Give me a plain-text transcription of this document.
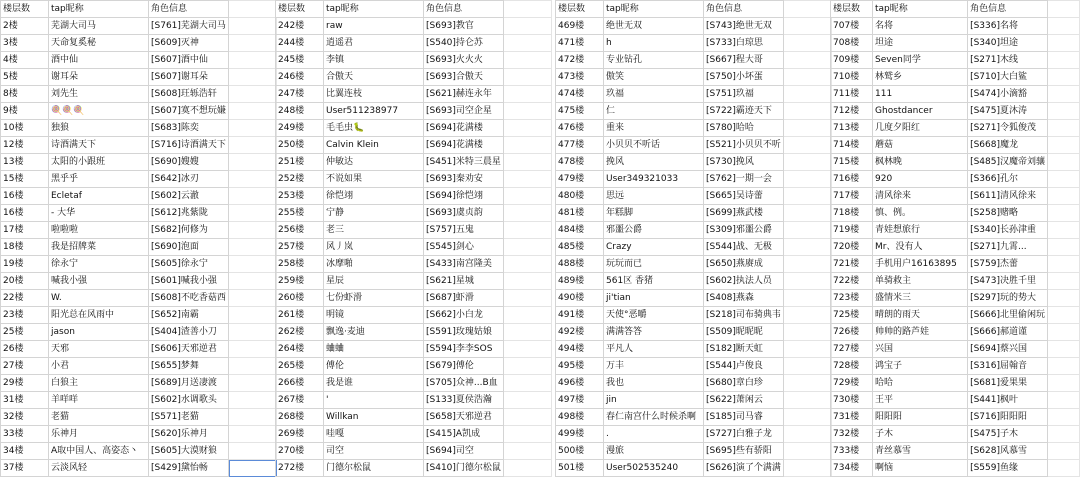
楼层数	tap昵称	角色信息	
2楼	芜湖大司马	[S761]芜湖大司马	
3楼	天命复奚秘	[S609]灭神	
4楼	酒中仙	[S607]酒中仙	
5楼	谢耳朵	[S607]谢耳朵	
8楼	刘先生	[S608]玨轹浩轩	
9楼	🍭🍭🍭	[S607]寞不想玩嫌	
10楼	独狼	[S683]陈奕	
12楼	诗酒满天下	[S716]诗酒满天下	
13楼	太阳的小跟班	[S690]嫂嫂	
15楼	黑乎乎	[S642]冰刃	
16楼	Ecletaf	[S602]云澈	
16楼	- 大华	[S612]兆紫陇	
17楼	啦啦啦	[S682]何修为	
18楼	我是招牌菜	[S690]泡面	
19楼	徐永宁	[S605]徐永宁	
20楼	喊我小强	[S601]喊我小强	
22楼	W.	[S608]不吃香菇西	
23楼	阳光总在风雨中	[S652]南霸	
25楼	jason	[S404]渣善小刀	
26楼	天邪	[S606]天邪逆君	
27楼	小君	[S655]梦舞	
29楼	白狼主	[S689]月送凄渡	
31楼	羊咩咩	[S602]水调歌头	
32楼	老猫	[S571]老猫	
33楼	乐神月	[S620]乐神月	
34楼	A取中国人、高姿态丶	[S605]大漠财狼	
37楼	云淡风轻	[S429]黛怡畅	
楼层数	tap昵称	角色信息	
242楼	raw	[S693]教官	
244楼	逍遥君	[S540]持仑苏	
245楼	李镇	[S693]火火火	
246楼	合傲天	[S693]合傲天	
247楼	比翼连枝	[S621]赫连永年	
248楼	User511238977	[S693]司空企星	
249楼	毛毛虫🐛	[S694]花满楼	
250楼	Calvin Klein	[S694]花满楼	
251楼	仲敏达	[S451]米特三晨星	
252楼	不说如果	[S693]秦劝安	
253楼	徐恺翊	[S694]徐恺翊	
255楼	宁静	[S693]虞贞韵	
256楼	老三	[S757]五鬼	
257楼	风丿岚	[S545]剑心	
258楼	冰摩啪	[S433]南宫隆美	
259楼	星辰	[S621]星城	
260楼	七份虾滑	[S687]虾滑	
261楼	明镜	[S662]小白龙	
262楼	飘逸·麦迪	[S591]玫瑰姑娘	
264楼	蛐蛐	[S594]李李SOS	
265楼	傅伦	[S679]傅伦	
266楼	我是谁	[S705]众神...B血	
267楼	'	[S133]夏侯浩瀚	
268楼	Willkan	[S658]天邪逆君	
269楼	哇嘎	[S415]A凯成	
270楼	司空	[S694]司空	
272楼	门德尔松鼠	[S410]门德尔松鼠	
楼层数	tap昵称	角色信息	
469楼	绝世无双	[S743]绝世无双	
471楼	h	[S733]白琼思	
472楼	专业钻孔	[S667]程大哥	
473楼	傲笑	[S750]小坏蛋	
474楼	玖福	[S751]玖福	
475楼	仁	[S722]霸迹天下	
476楼	重来	[S780]哈哈	
477楼	小贝贝不听话	[S521]小贝贝不听	
478楼	挽风	[S730]挽风	
479楼	User349321033	[S762]一期一会	
480楼	思远	[S665]吴诗蕾	
481楼	年糕脚	[S699]燕武楼	
484楼	邪噩公爵	[S309]邪噩公爵	
485楼	Crazy	[S544]战、无极	
488楼	玩玩而已	[S650]燕赓成	
489楼	561区 香猪	[S602]执法人员	
490楼	ji'tian	[S408]燕森	
491楼	天使°恶嚼	[S218]司布骑典韦	
492楼	满满答答	[S509]昵昵昵	
494楼	平凡人	[S182]断天虹	
495楼	万丰	[S544]卢俊良	
496楼	我也	[S680]章白珍	
497楼	jin	[S622]萧闲云	
498楼	春仁南宫什么时候杀啊	[S185]司马睿	
499楼	.	[S727]白雅子龙	
500楼	漫旅	[S695]些有骄阳	
501楼	User502535240	[S626]演了个满满	
楼层数	tap昵称	角色信息	
707楼	名将	[S336]名将	
708楼	坦途	[S340]坦途	
709楼	Seven同学	[S271]木线	
710楼	林鹫乡	[S710]大白鲨	
711楼	111	[S474]小滴豁	
712楼	Ghostdancer	[S475]夏沐涛	
713楼	几度夕阳红	[S271]令狐俊茂	
714楼	蘑菇	[S668]魔龙	
715楼	枫林晚	[S485]汉魔帝刘骧	
716楼	920	[S366]孔尔	
717楼	清风徐来	[S611]清风徐来	
718楼	慎、例。	[S258]赌略	
719楼	青娃想旅行	[S340]长孙津重	
720楼	Mr、没有人	[S271]九霄...	
721楼	手机用户16163895	[S759]杰蕾	
722楼	单骑救主	[S473]决胜千里	
723楼	盛情米三	[S297]玩的势大	
725楼	晴朗的雨天	[S666]北里偷闲玩	
726楼	帅帅的路芦娃	[S666]郝道谨	
727楼	兴国	[S694]蔡兴国	
728楼	鸿宝子	[S316]屈翰音	
729楼	哈哈	[S681]爱果果	
730楼	王平	[S441]枫叶	
731楼	阳阳阳	[S716]阳阳阳	
732楼	子木	[S475]子木	
733楼	青丝慕雪	[S628]风慕雪	
734楼	啊恼	[S559]鱼缘	
